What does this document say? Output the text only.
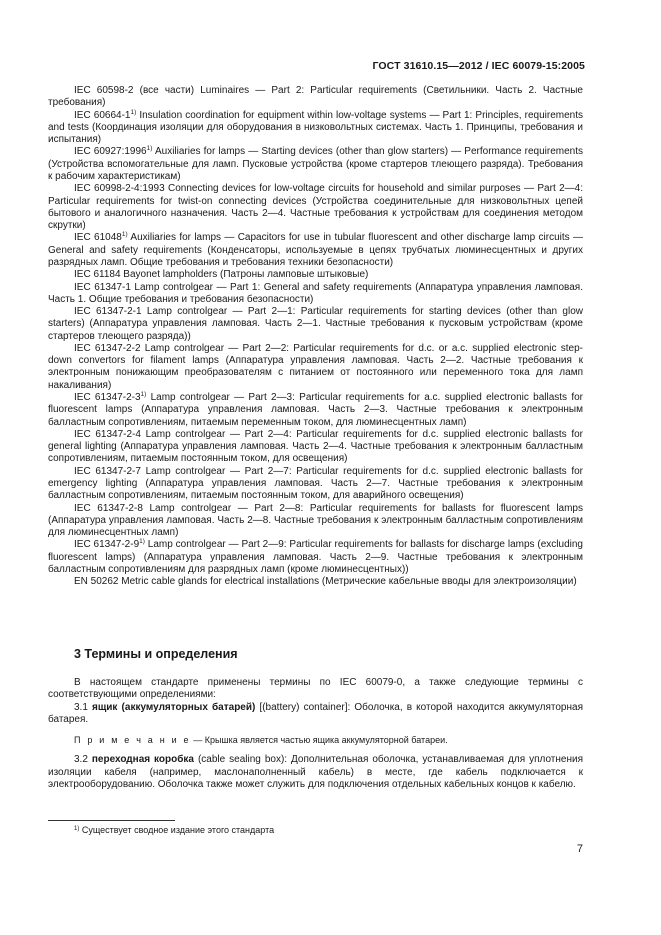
ГОСТ 31610.15—2012 / IEC 60079-15:2005

IEC 60598-2 (все части) Luminaires — Part 2: Particular requirements (Светильники. Часть 2. Частные требования)

IEC 60664-1$^{1)}$ Insulation coordination for equipment within low-voltage systems — Part 1: Principles, requirements and tests (Координация изоляции для оборудования в низковольтных системах. Часть 1. Принципы, требования и испытания)

IEC 60927:1996$^{1)}$ Auxiliaries for lamps — Starting devices (other than glow starters) — Performance requirements (Устройства вспомогательные для ламп. Пусковые устройства (кроме стартеров тлеющего разряда). Требования к рабочим характеристикам)

IEC 60998-2-4:1993 Connecting devices for low-voltage circuits for household and similar purposes — Part 2—4: Particular requirements for twist-on connecting devices (Устройства соединительные для низковольтных цепей бытового и аналогичного назначения. Часть 2—4. Частные требования к устройствам для соединения методом скрутки)

IEC 61048$^{1)}$ Auxiliaries for lamps — Capacitors for use in tubular fluorescent and other discharge lamp circuits — General and safety requirements (Конденсаторы, используемые в цепях трубчатых люминесцентных и других разрядных ламп. Общие требования и требования техники безопасности)

IEC 61184 Bayonet lampholders (Патроны ламповые штыковые)

IEC 61347-1 Lamp controlgear — Part 1: General and safety requirements (Аппаратура управления ламповая. Часть 1. Общие требования и требования безопасности)

IEC 61347-2-1 Lamp controlgear — Part 2—1: Particular requirements for starting devices (other than glow starters) (Аппаратура управления ламповая. Часть 2—1. Частные требования к пусковым устройствам (кроме стартеров тлеющего разряда))

IEC 61347-2-2 Lamp controlgear — Part 2—2: Particular requirements for d.c. or a.c. supplied electronic step-down convertors for filament lamps (Аппаратура управления ламповая. Часть 2—2. Частные требования к электронным понижающим преобразователям с питанием от постоянного или переменного тока для ламп накаливания)

IEC 61347-2-3$^{1)}$ Lamp controlgear — Part 2—3: Particular requirements for a.c. supplied electronic ballasts for fluorescent lamps (Аппаратура управления ламповая. Часть 2—3. Частные требования к электронным балластным сопротивлениям, питаемым переменным током, для люминесцентных ламп)

IEC 61347-2-4 Lamp controlgear — Part 2—4: Particular requirements for d.c. supplied electronic ballasts for general lighting (Аппаратура управления ламповая. Часть 2—4. Частные требования к электронным балластным сопротивлениям, питаемым постоянным током, для освещения)

IEC 61347-2-7 Lamp controlgear — Part 2—7: Particular requirements for d.c. supplied electronic ballasts for emergency lighting (Аппаратура управления ламповая. Часть 2—7. Частные требования к электронным балластным сопротивлениям, питаемым постоянным током, для аварийного освещения)

IEC 61347-2-8 Lamp controlgear — Part 2—8: Particular requirements for ballasts for fluorescent lamps (Аппаратура управления ламповая. Часть 2—8. Частные требования к электронным балластным сопротивлениям для люминесцентных ламп)

IEC 61347-2-9$^{1)}$ Lamp controlgear — Part 2—9: Particular requirements for ballasts for discharge lamps (excluding fluorescent lamps) (Аппаратура управления ламповая. Часть 2—9. Частные требования к электронным балластным сопротивлениям для разрядных ламп (кроме люминесцентных))

EN 50262 Metric cable glands for electrical installations (Метрические кабельные вводы для электроизоляции)

3 Термины и определения

В настоящем стандарте применены термины по IEC 60079-0, а также следующие термины с соответствующими определениями:

3.1 ящик (аккумуляторных батарей) [(battery) container]: Оболочка, в которой находится аккумуляторная батарея.

П р и м е ч а н и е — Крышка является частью ящика аккумуляторной батареи.

3.2 переходная коробка (cable sealing box): Дополнительная оболочка, устанавливаемая для уплотнения изоляции кабеля (например, маслонаполненный кабель) в месте, где кабель подключается к электрооборудованию. Оболочка также может служить для подключения отдельных кабельных концов к кабелю.

$^{1)}$ Существует сводное издание этого стандарта
7
